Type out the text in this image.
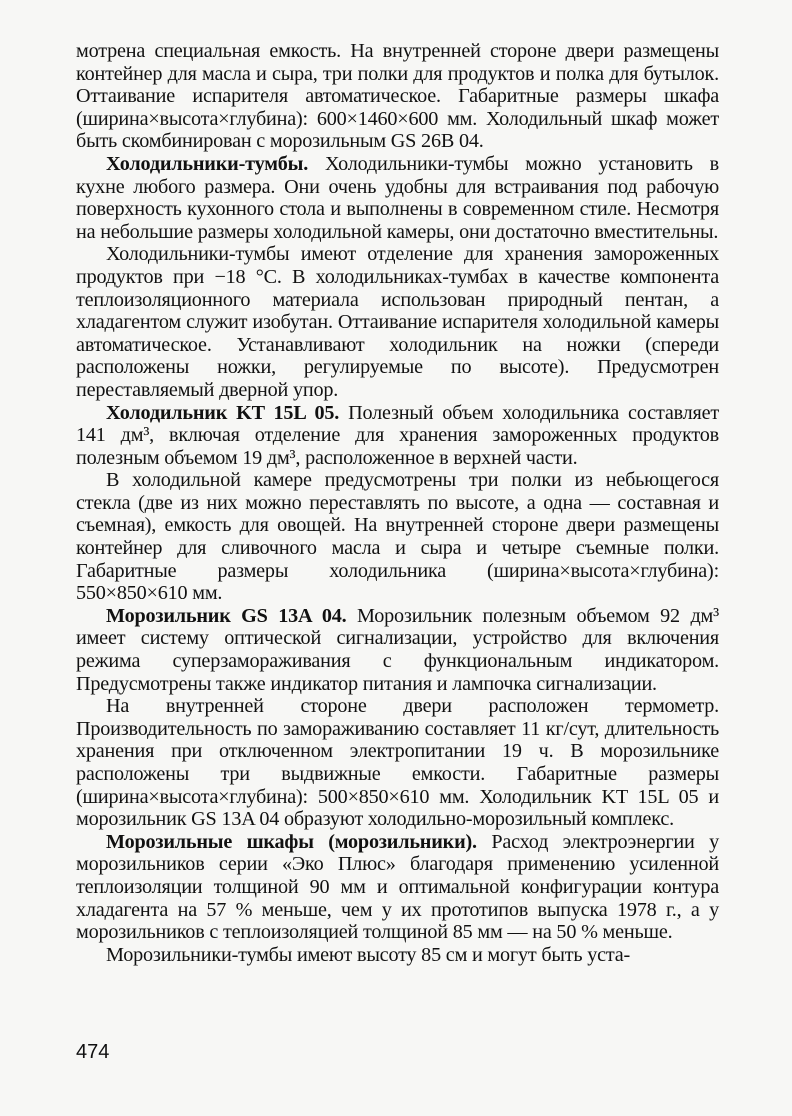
мотрена специальная емкость. На внутренней стороне двери размещены контейнер для масла и сыра, три полки для продуктов и полка для бутылок. Оттаивание испарителя автоматическое. Габаритные размеры шкафа (ширина×высота×глубина): 600×1460×600 мм. Холодильный шкаф может быть скомбинирован с морозильным GS 26B 04.

Холодильники-тумбы. Холодильники-тумбы можно установить в кухне любого размера. Они очень удобны для встраивания под рабочую поверхность кухонного стола и выполнены в современном стиле. Несмотря на небольшие размеры холодильной камеры, они достаточно вместительны.

Холодильники-тумбы имеют отделение для хранения замороженных продуктов при −18 °C. В холодильниках-тумбах в качестве компонента теплоизоляционного материала использован природный пентан, а хладагентом служит изобутан. Оттаивание испарителя холодильной камеры автоматическое. Устанавливают холодильник на ножки (спереди расположены ножки, регулируемые по высоте). Предусмотрен переставляемый дверной упор.

Холодильник KT 15L 05. Полезный объем холодильника составляет 141 дм³, включая отделение для хранения замороженных продуктов полезным объемом 19 дм³, расположенное в верхней части.

В холодильной камере предусмотрены три полки из небьющегося стекла (две из них можно переставлять по высоте, а одна — составная и съемная), емкость для овощей. На внутренней стороне двери размещены контейнер для сливочного масла и сыра и четыре съемные полки. Габаритные размеры холодильника (ширина×высота×глубина): 550×850×610 мм.

Морозильник GS 13A 04. Морозильник полезным объемом 92 дм³ имеет систему оптической сигнализации, устройство для включения режима суперзамораживания с функциональным индикатором. Предусмотрены также индикатор питания и лампочка сигнализации.

На внутренней стороне двери расположен термометр. Производительность по замораживанию составляет 11 кг/сут, длительность хранения при отключенном электропитании 19 ч. В морозильнике расположены три выдвижные емкости. Габаритные размеры (ширина×высота×глубина): 500×850×610 мм. Холодильник KT 15L 05 и морозильник GS 13A 04 образуют холодильно-морозильный комплекс.

Морозильные шкафы (морозильники). Расход электроэнергии у морозильников серии «Эко Плюс» благодаря применению усиленной теплоизоляции толщиной 90 мм и оптимальной конфигурации контура хладагента на 57 % меньше, чем у их прототипов выпуска 1978 г., а у морозильников с теплоизоляцией толщиной 85 мм — на 50 % меньше.

Морозильники-тумбы имеют высоту 85 см и могут быть уста-

474
